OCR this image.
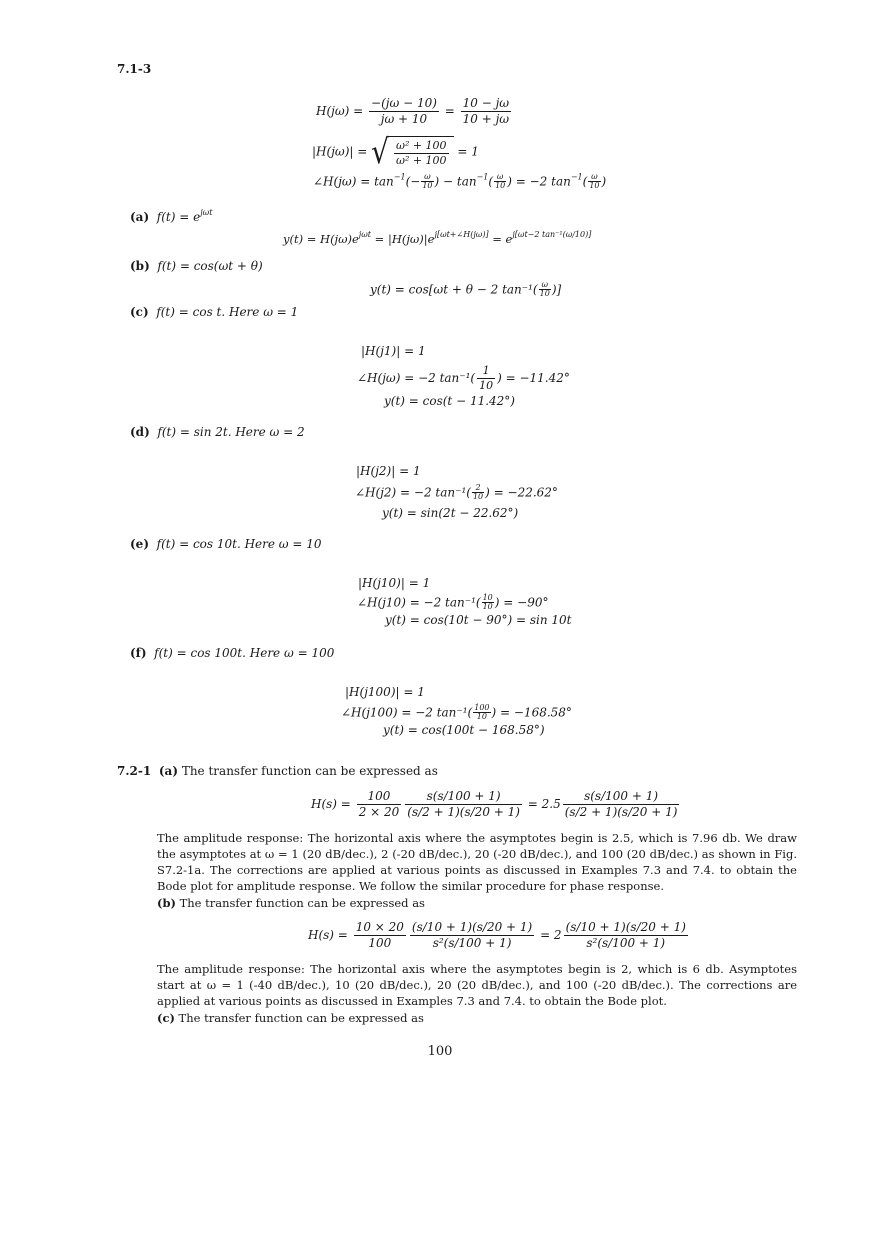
7.1-3
$H(j\omega) = \frac{-(j\omega - 10)}{j\omega + 10} = \frac{10 - j\omega}{10 + j\omega}$
|H(jω)| = √ $\frac{\text{ω² + 100}}{\text{ω² + 100}} = 1$
∠H(jω) = $\tan^{-1}(- \frac{\omega}{10}$ ) − $\tan^{-1}( \frac{\omega}{10}$ ) = −2 $\tan^{-1}( \frac{\omega}{10}$ )
(a) $f(t) = e^{j\omega t}$
$y(t) = H(j\omega)e^{j\omega t} = |H(j\omega)|e^{j[\omega t+\angle H(j\omega)]} = e^{j[\omega t-2 tan^{-1}(\omega/10)]}$
(b) f(t) = cos(ωt + θ)
y(t) = cos[ωt + θ − 2 $\tan^{-1}( \frac{\omega}{10}$ )]
(c) f(t) = cos t. Here ω = 1
|H(j1)| = 1
∠H(jω) = −2 $\tan^{-1}( \frac{1}{10}$ ) = −11.42°
y(t) = cos(t − 11.42°)
(d) f(t) = sin 2t. Here ω = 2
|H(j2)| = 1
∠H(j2) = −2 $\tan^{-1}( \frac{2}{10}$ ) = −22.62°
y(t) = sin(2t − 22.62°)
(e) f(t) = cos 10t. Here ω = 10
|H(j10)| = 1
∠H(j10) = −2 $\tan^{-1}( \frac{10}{10}$ ) = −90°
y(t) = cos(10t − 90°) = sin 10t
(f) f(t) = cos 100t. Here ω = 100
|H(j100)| = 1
∠H(j100) = −2 $\tan^{-1}( \frac{100}{10}$ ) = −168.58°
y(t) = cos(100t − 168.58°)
7.2-1 (a) The transfer function can be expressed as
$H(s) = \frac{100}{2 \times 20} \frac{s(s/100 + 1)}{(s/2 + 1)(s/20 + 1)} = 2.5 \frac{s(s/100 + 1)}{(s/2 + 1)(s/20 + 1)}$
The amplitude response: The horizontal axis where the asymptotes begin is 2.5, which is 7.96 db. We draw the asymptotes at ω = 1 (20 dB/dec.), 2 (-20 dB/dec.), 20 (-20 dB/dec.), and 100 (20 dB/dec.) as shown in Fig. S7.2-1a. The corrections are applied at various points as discussed in Examples 7.3 and 7.4. to obtain the Bode plot for amplitude response. We follow the similar procedure for phase response.
(b) The transfer function can be expressed as
$H(s) = \frac{10 \times 20}{100} \frac{(s/10 + 1)(s/20 + 1)}{\text{s²(s/100 + 1)}} = 2 \frac{(s/10 + 1)(s/20 + 1)}{\text{s²(s/100 + 1)}}$
The amplitude response: The horizontal axis where the asymptotes begin is 2, which is 6 db. Asymptotes start at ω = 1 (-40 dB/dec.), 10 (20 dB/dec.), 20 (20 dB/dec.), and 100 (-20 dB/dec.). The corrections are applied at various points as discussed in Examples 7.3 and 7.4. to obtain the Bode plot.
(c) The transfer function can be expressed as
100
